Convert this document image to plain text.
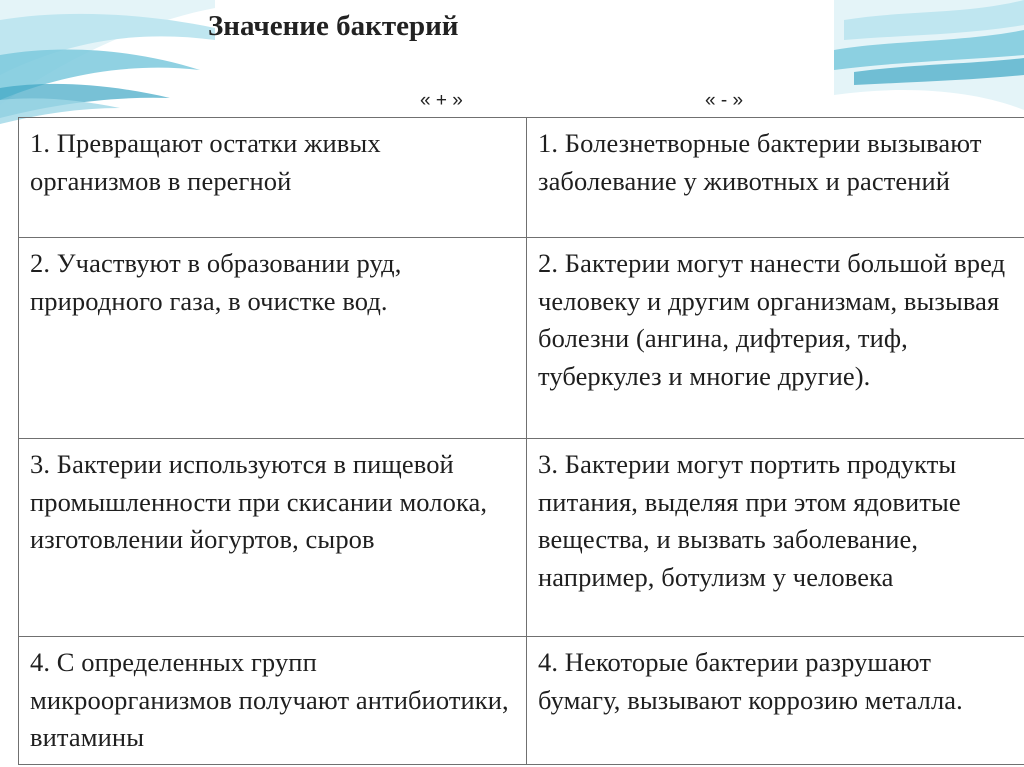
Значение бактерий
« + »	« - »
1. Превращают остатки живых организмов в перегной	1. Болезнетворные бактерии вызывают заболевание у животных и растений
2. Участвуют в образовании руд, природного газа, в очистке вод.	2. Бактерии могут нанести большой вред человеку и другим организмам, вызывая болезни (ангина, дифтерия, тиф, туберкулез и многие другие).
3. Бактерии используются в пищевой промышленности при скисании молока, изготовлении йогуртов, сыров	3. Бактерии могут портить продукты питания, выделяя при этом ядовитые вещества, и вызвать заболевание, например, ботулизм у человека
4. С определенных групп микроорганизмов получают антибиотики, витамины	4. Некоторые бактерии разрушают бумагу, вызывают коррозию металла.
